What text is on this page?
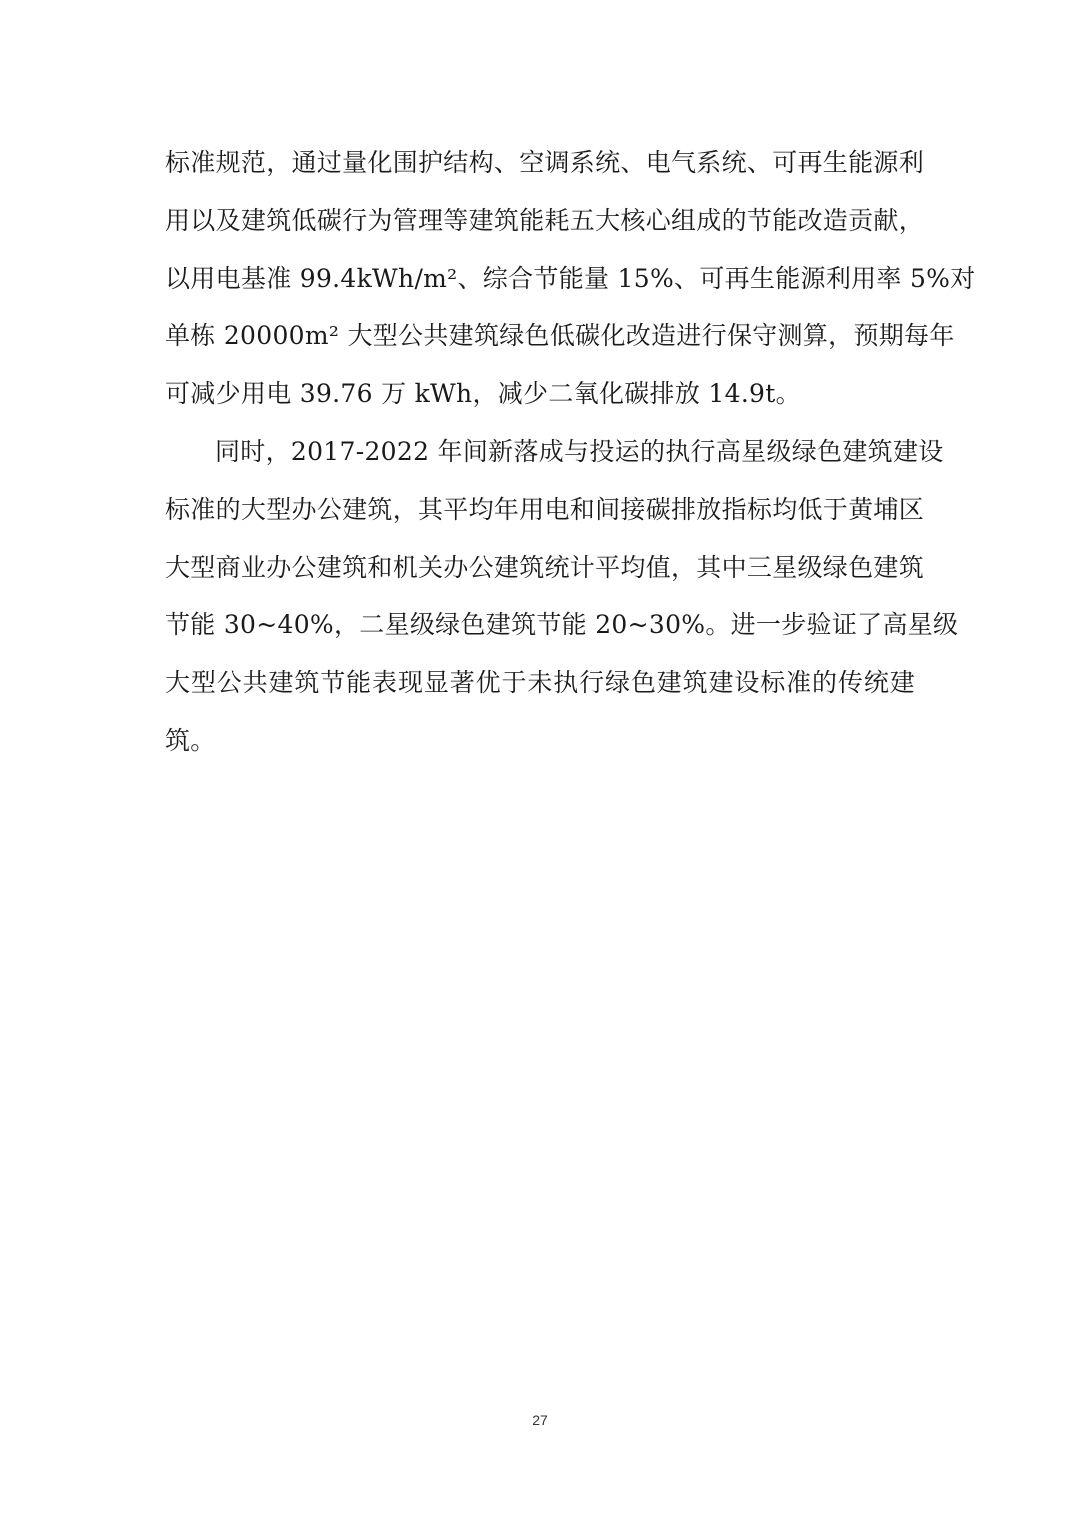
标准规范，通过量化围护结构、空调系统、电气系统、可再生能源利
用以及建筑低碳行为管理等建筑能耗五大核心组成的节能改造贡献，
以用电基准 99.4kWh/m²、综合节能量 15%、可再生能源利用率 5%对
单栋 20000m² 大型公共建筑绿色低碳化改造进行保守测算，预期每年
可减少用电 39.76 万 kWh，减少二氧化碳排放 14.9t。
同时，2017-2022 年间新落成与投运的执行高星级绿色建筑建设
标准的大型办公建筑，其平均年用电和间接碳排放指标均低于黄埔区
大型商业办公建筑和机关办公建筑统计平均值，其中三星级绿色建筑
节能 30~40%，二星级绿色建筑节能 20~30%。进一步验证了高星级
大型公共建筑节能表现显著优于未执行绿色建筑建设标准的传统建
筑。
27
